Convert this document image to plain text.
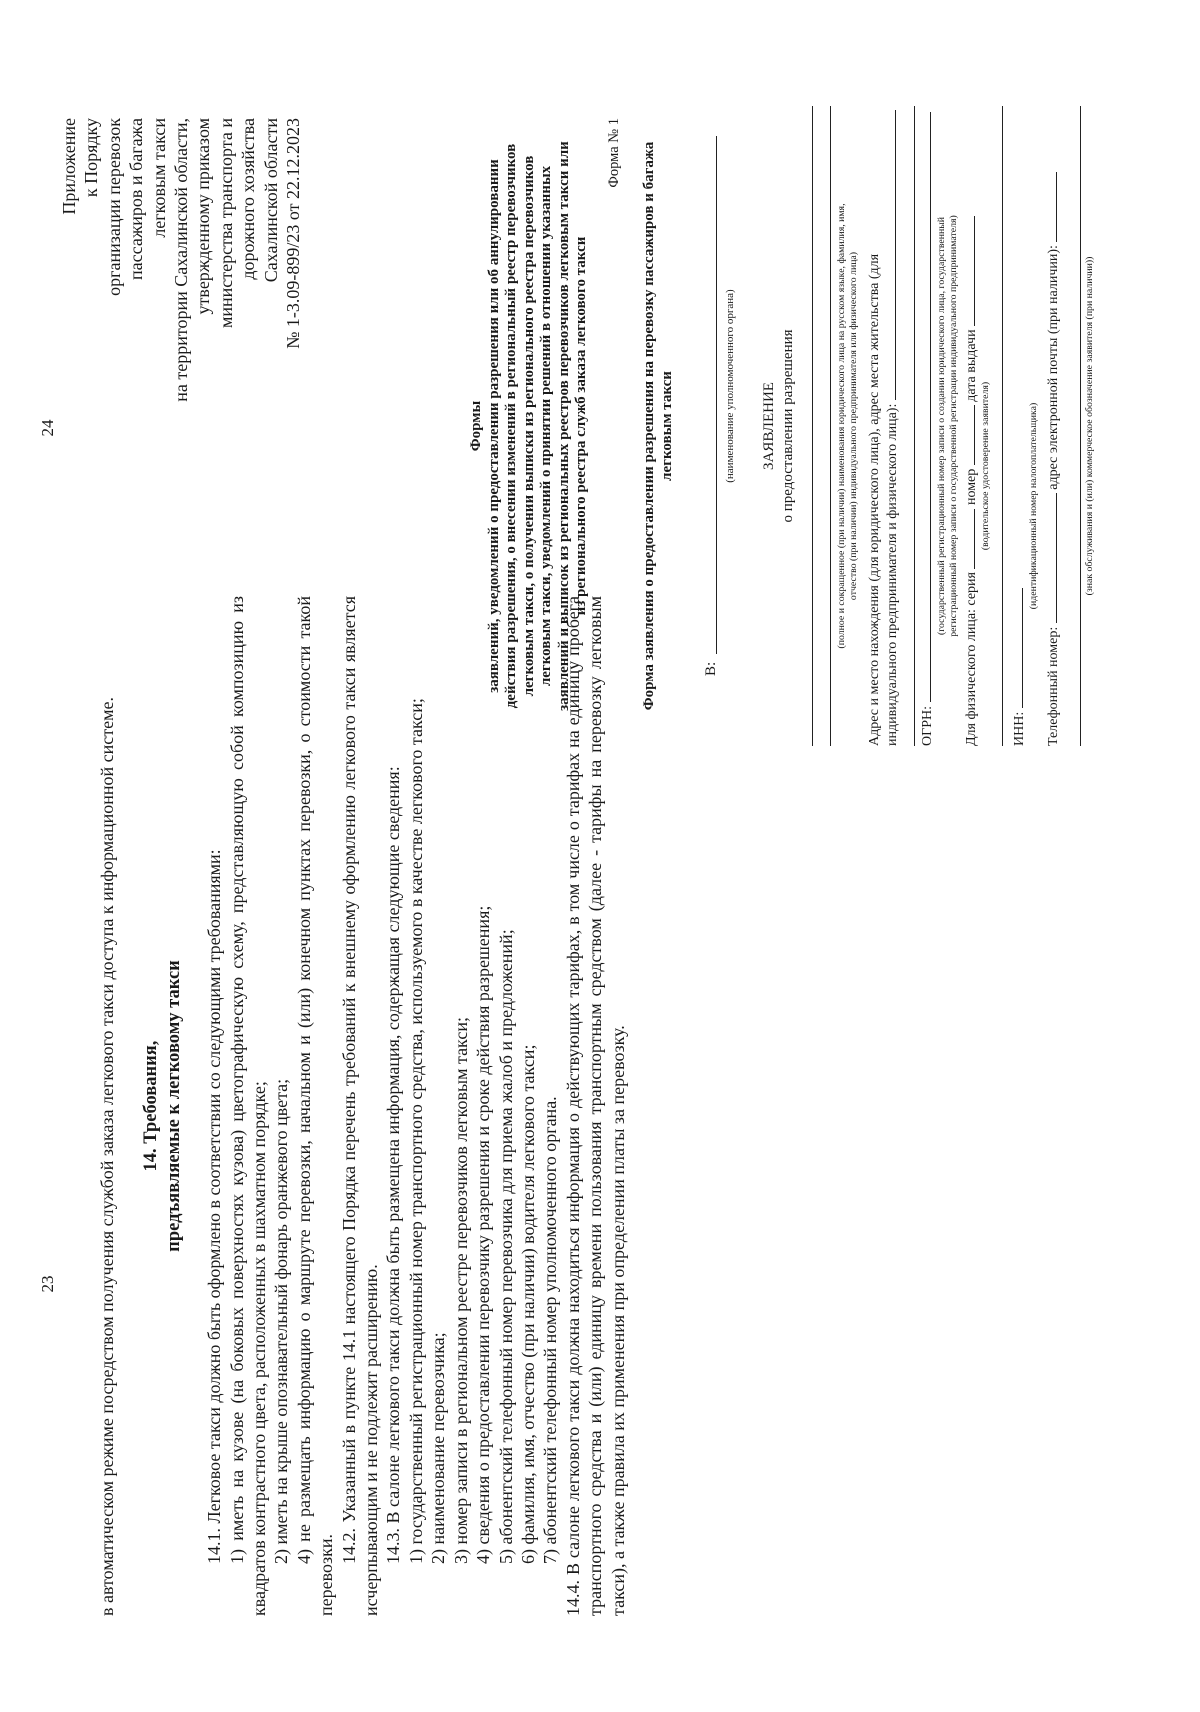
23 в автоматическом режиме посредством получения службой заказа легкового такси доступа к информационной системе. 14. Требования, предъявляемые к легковому такси 14.1. Легковое такси должно быть оформлено в соответствии со следующими требованиями: 1) иметь на кузове (на боковых поверхностях кузова) цветографическую схему, представляющую собой композицию из квадратов контрастного цвета, расположенных в шахматном порядке; 2) иметь на крыше опознавательный фонарь оранжевого цвета; 4) не размещать информацию о маршруте перевозки, начальном и (или) конечном пунктах перевозки, о стоимости такой перевозки.

14.2. Указанный в пункте 14.1 настоящего Порядка перечень требований к внешнему оформлению легкового такси является исчерпывающим и не подлежит расширению. 14.3. В салоне легкового такси должна быть размещена информация, содержащая следующие сведения: 1) государственный регистрационный номер транспортного средства, используемого в качестве легкового такси; 2) наименование перевозчика; 3) номер записи в региональном реестре перевозчиков легковым такси; 4) сведения о предоставлении перевозчику разрешения и сроке действия разрешения; 5) абонентский телефонный номер перевозчика для приема жалоб и предложений; 6) фамилия, имя, отчество (при наличии) водителя легкового такси; 7) абонентский телефонный номер уполномоченного органа. 14.4. В салоне легкового такси должна находиться информация о действующих тарифах, в том числе о тарифах на единицу пробега транспортного средства и (или) единицу времени пользования транспортным средством (далее - тарифы на перевозку легковым такси), а также правила их применения при определении платы за перевозку.

24
Приложение к Порядку организации перевозок пассажиров и багажа легковым такси на территории Сахалинской области, утвержденному приказом министерства транспорта и дорожного хозяйства Сахалинской области № 1-3.09-899/23 от 22.12.2023
Формы заявлений, уведомлений о предоставлении разрешения или об аннулировании действия разрешения, о внесении изменений в региональный реестр перевозчиков легковым такси, о получении выписки из регионального реестра перевозчиков легковым такси, уведомлений о принятии решений в отношении указанных заявлений и выписок из региональных реестров перевозчиков легковым такси или из регионального реестра служб заказа легкового такси
Форма № 1 Форма заявления о предоставлении разрешения на перевозку пассажиров и багажа легковым такси
В:
(наименование уполномоченного органа) ЗАЯВЛЕНИЕ о предоставлении разрешения	(полное и сокращенное (при наличии) наименования юридического лица на русском языке, фамилия, имя, отчество (при наличии) индивидуального предпринимателя или физического лица) Адрес и место нахождения (для юридического лица), адрес места жительства (для индивидуального предпринимателя и физического лица): ОГРН:
(государственный регистрационный номер записи о создании юридического лица, государственный регистрационный номер записи о государственной регистрации индивидуального предпринимателя)
Для физического лица: серия  номер  дата выдачи
(водительское удостоверение заявителя)
ИНН:
(идентификационный номер налогоплательщика)
Телефонный номер:  адрес электронной почты (при наличии): (знак обслуживания и (или) коммерческое обозначение заявителя (при наличии))
